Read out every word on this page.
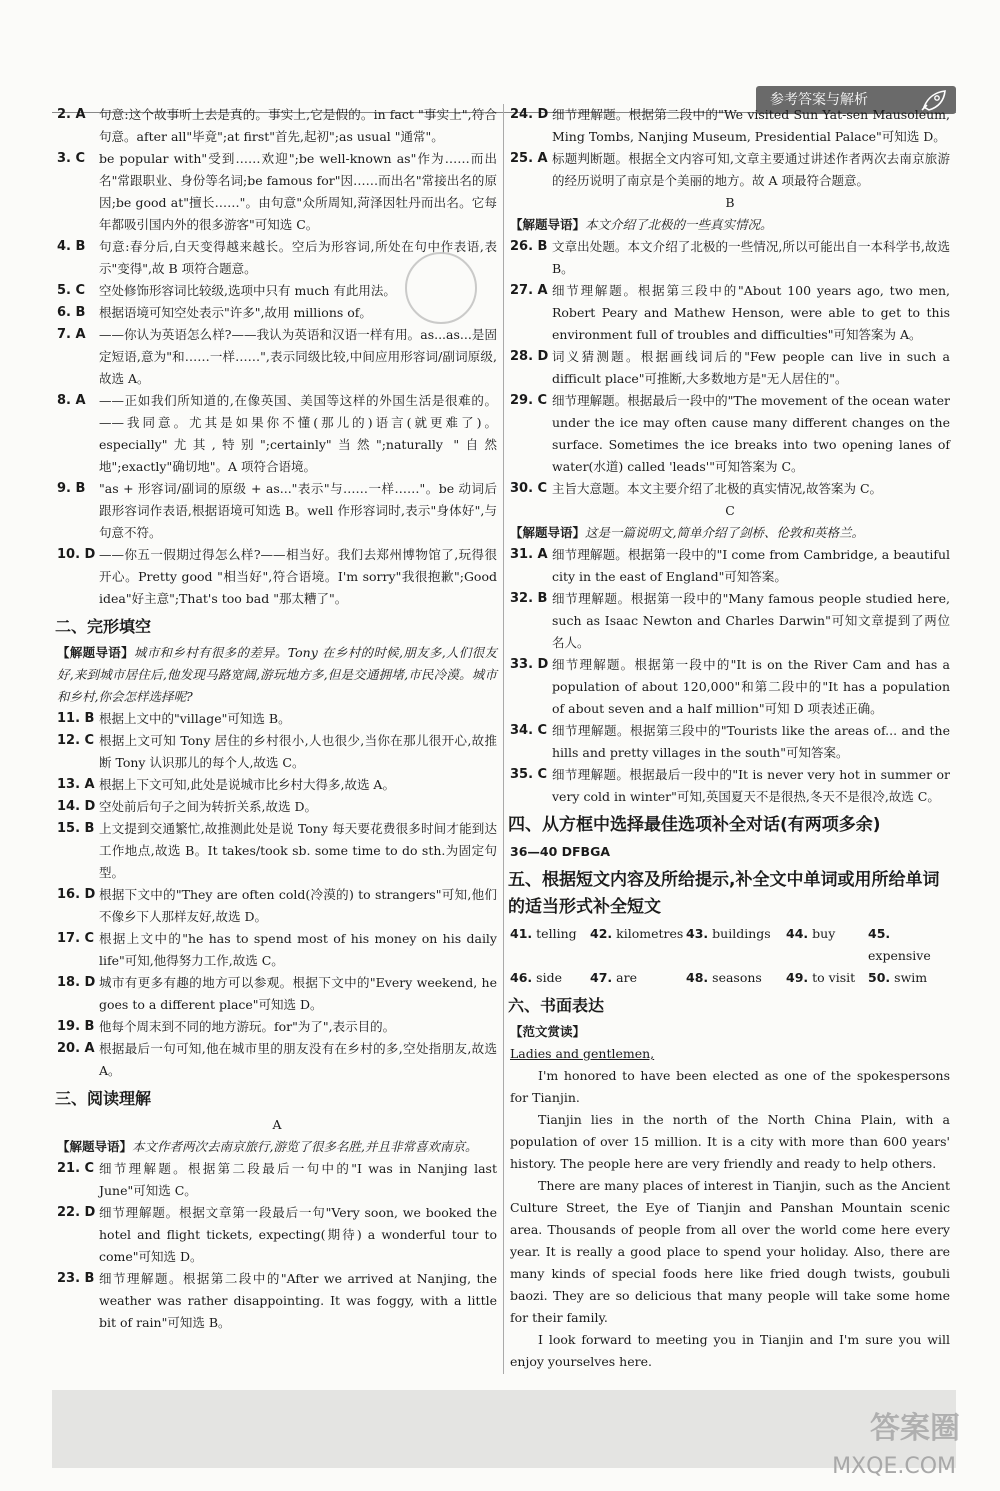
参考答案与解析
2. A	句意:这个故事听上去是真的。事实上,它是假的。in fact "事实上",符合句意。after all"毕竟";at first"首先,起初";as usual "通常"。
3. C	be popular with"受到……欢迎";be well-known as"作为……而出名"常跟职业、身份等名词;be famous for"因……而出名"常接出名的原因;be good at"擅长……"。由句意"众所周知,菏泽因牡丹而出名。它每年都吸引国内外的很多游客"可知选 C。
4. B	句意:春分后,白天变得越来越长。空后为形容词,所处在句中作表语,表示"变得",故 B 项符合题意。
5. C	空处修饰形容词比较级,选项中只有 much 有此用法。
6. B	根据语境可知空处表示"许多",故用 millions of。
7. A	——你认为英语怎么样?——我认为英语和汉语一样有用。as...as...是固定短语,意为"和……一样……",表示同级比较,中间应用形容词/副词原级,故选 A。
8. A	——正如我们所知道的,在像英国、美国等这样的外国生活是很难的。——我同意。尤其是如果你不懂(那儿的)语言(就更难了)。especially"尤其,特别";certainly"当然";naturally "自然地";exactly"确切地"。A 项符合语境。
9. B	"as + 形容词/副词的原级 + as..."表示"与……一样……"。be 动词后跟形容词作表语,根据语境可知选 B。well 作形容词时,表示"身体好",与句意不符。
10. D ——你五一假期过得怎么样?——相当好。我们去郑州博物馆了,玩得很开心。Pretty good "相当好",符合语境。I'm sorry"我很抱歉";Good idea"好主意";That's too bad "那太糟了"。
二、完形填空
【解题导语】城市和乡村有很多的差异。Tony 在乡村的时候,朋友多,人们很友好,来到城市居住后,他发现马路宽阔,游玩地方多,但是交通拥堵,市民冷漠。城市和乡村,你会怎样选择呢?
11. B 根据上文中的"village"可知选 B。
12. C 根据上文可知 Tony 居住的乡村很小,人也很少,当你在那儿很开心,故推断 Tony 认识那儿的每个人,故选 C。
13. A 根据上下文可知,此处是说城市比乡村大得多,故选 A。
14. D 空处前后句子之间为转折关系,故选 D。
15. B 上文提到交通繁忙,故推测此处是说 Tony 每天要花费很多时间才能到达工作地点,故选 B。It takes/took sb. some time to do sth.为固定句型。
16. D 根据下文中的"They are often cold(冷漠的) to strangers"可知,他们不像乡下人那样友好,故选 D。
17. C 根据上文中的"he has to spend most of his money on his daily life"可知,他得努力工作,故选 C。
18. D 城市有更多有趣的地方可以参观。根据下文中的"Every weekend, he goes to a different place"可知选 D。
19. B 他每个周末到不同的地方游玩。for"为了",表示目的。
20. A 根据最后一句可知,他在城市里的朋友没有在乡村的多,空处指朋友,故选 A。
三、阅读理解
A
【解题导语】本文作者两次去南京旅行,游览了很多名胜,并且非常喜欢南京。
21. C 细节理解题。根据第二段最后一句中的"I was in Nanjing last June"可知选 C。
22. D 细节理解题。根据文章第一段最后一句"Very soon, we booked the hotel and flight tickets, expecting(期待) a wonderful tour to come"可知选 D。
23. B 细节理解题。根据第二段中的"After we arrived at Nanjing, the weather was rather disappointing. It was foggy, with a little bit of rain"可知选 B。
24. D 细节理解题。根据第二段中的"We visited Sun Yat-sen Mausoleum, Ming Tombs, Nanjing Museum, Presidential Palace"可知选 D。
25. A 标题判断题。根据全文内容可知,文章主要通过讲述作者两次去南京旅游的经历说明了南京是个美丽的地方。故 A 项最符合题意。
B
【解题导语】本文介绍了北极的一些真实情况。
26. B 文章出处题。本文介绍了北极的一些情况,所以可能出自一本科学书,故选 B。
27. A 细节理解题。根据第三段中的"About 100 years ago, two men, Robert Peary and Mathew Henson, were able to get to this environment full of troubles and difficulties"可知答案为 A。
28. D 词义猜测题。根据画线词后的"Few people can live in such a difficult place"可推断,大多数地方是"无人居住的"。
29. C 细节理解题。根据最后一段中的"The movement of the ocean water under the ice may often cause many different changes on the surface. Sometimes the ice breaks into two opening lanes of water(水道) called 'leads'"可知答案为 C。
30. C 主旨大意题。本文主要介绍了北极的真实情况,故答案为 C。
C
【解题导语】这是一篇说明文,简单介绍了剑桥、伦敦和英格兰。
31. A 细节理解题。根据第一段中的"I come from Cambridge, a beautiful city in the east of England"可知答案。
32. B 细节理解题。根据第一段中的"Many famous people studied here, such as Isaac Newton and Charles Darwin"可知文章提到了两位名人。
33. D 细节理解题。根据第一段中的"It is on the River Cam and has a population of about 120,000"和第二段中的"It has a population of about seven and a half million"可知 D 项表述正确。
34. C 细节理解题。根据第三段中的"Tourists like the areas of... and the hills and pretty villages in the south"可知答案。
35. C 细节理解题。根据最后一段中的"It is never very hot in summer or very cold in winter"可知,英国夏天不是很热,冬天不是很冷,故选 C。
四、从方框中选择最佳选项补全对话(有两项多余)
36—40 DFBGA
五、根据短文内容及所给提示,补全文中单词或用所给单词的适当形式补全短文
41. telling	42. kilometres 43. buildings	44. buy	45.expensive
46. side	47. are	48. seasons	49. to visit	50. swim
六、书面表达
【范文赏读】

Ladies and gentlemen,

I'm honored to have been elected as one of the spokespersons for Tianjin.

Tianjin lies in the north of the North China Plain, with a population of over 15 million. It is a city with more than 600 years' history. The people here are very friendly and ready to help others.

There are many places of interest in Tianjin, such as the Ancient Culture Street, the Eye of Tianjin and Panshan Mountain scenic area. Thousands of people from all over the world come here every year. It is really a good place to spend your holiday. Also, there are many kinds of special foods here like fried dough twists, goubuli baozi. They are so delicious that many people will take some home for their family.

I look forward to meeting you in Tianjin and I'm sure you will enjoy yourselves here.

答案圈
MXQE.COM
